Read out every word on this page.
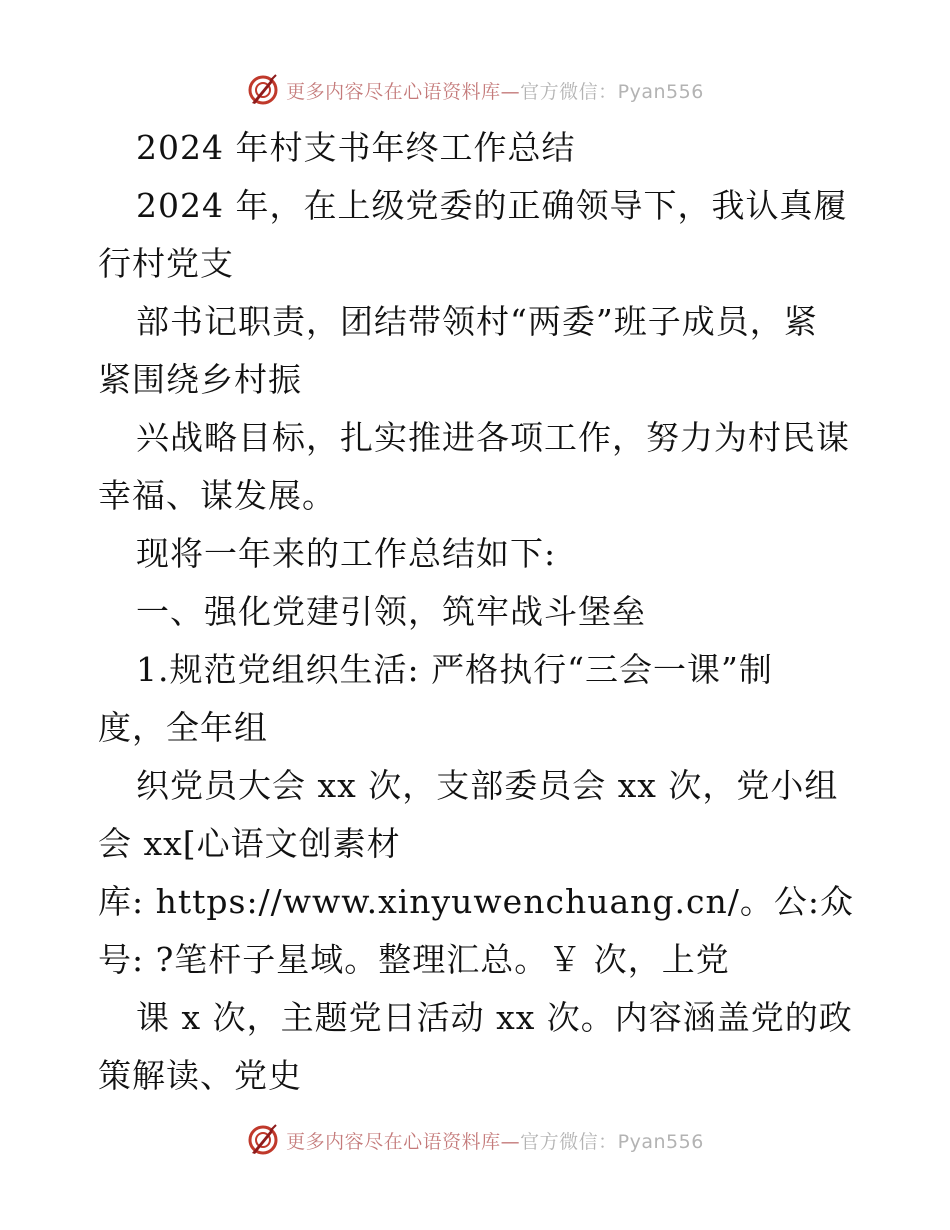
更多内容尽在心语资料库—官方微信：Pyan556
2024 年村支书年终工作总结
2024 年，在上级党委的正确领导下，我认真履
行村党支
部书记职责，团结带领村“两委”班子成员，紧
紧围绕乡村振
兴战略目标，扎实推进各项工作，努力为村民谋
幸福、谋发展。
现将一年来的工作总结如下:
一、强化党建引领，筑牢战斗堡垒
1.规范党组织生活: 严格执行“三会一课”制
度，全年组
织党员大会 xx 次，支部委员会 xx 次，党小组
会 xx[心语文创素材
库: https://www.xinyuwenchuang.cn/。公:众
号: ?笔杆子星域。整理汇总。￥ 次，上党
课 x 次，主题党日活动 xx 次。内容涵盖党的政
策解读、党史
更多内容尽在心语资料库—官方微信：Pyan556
